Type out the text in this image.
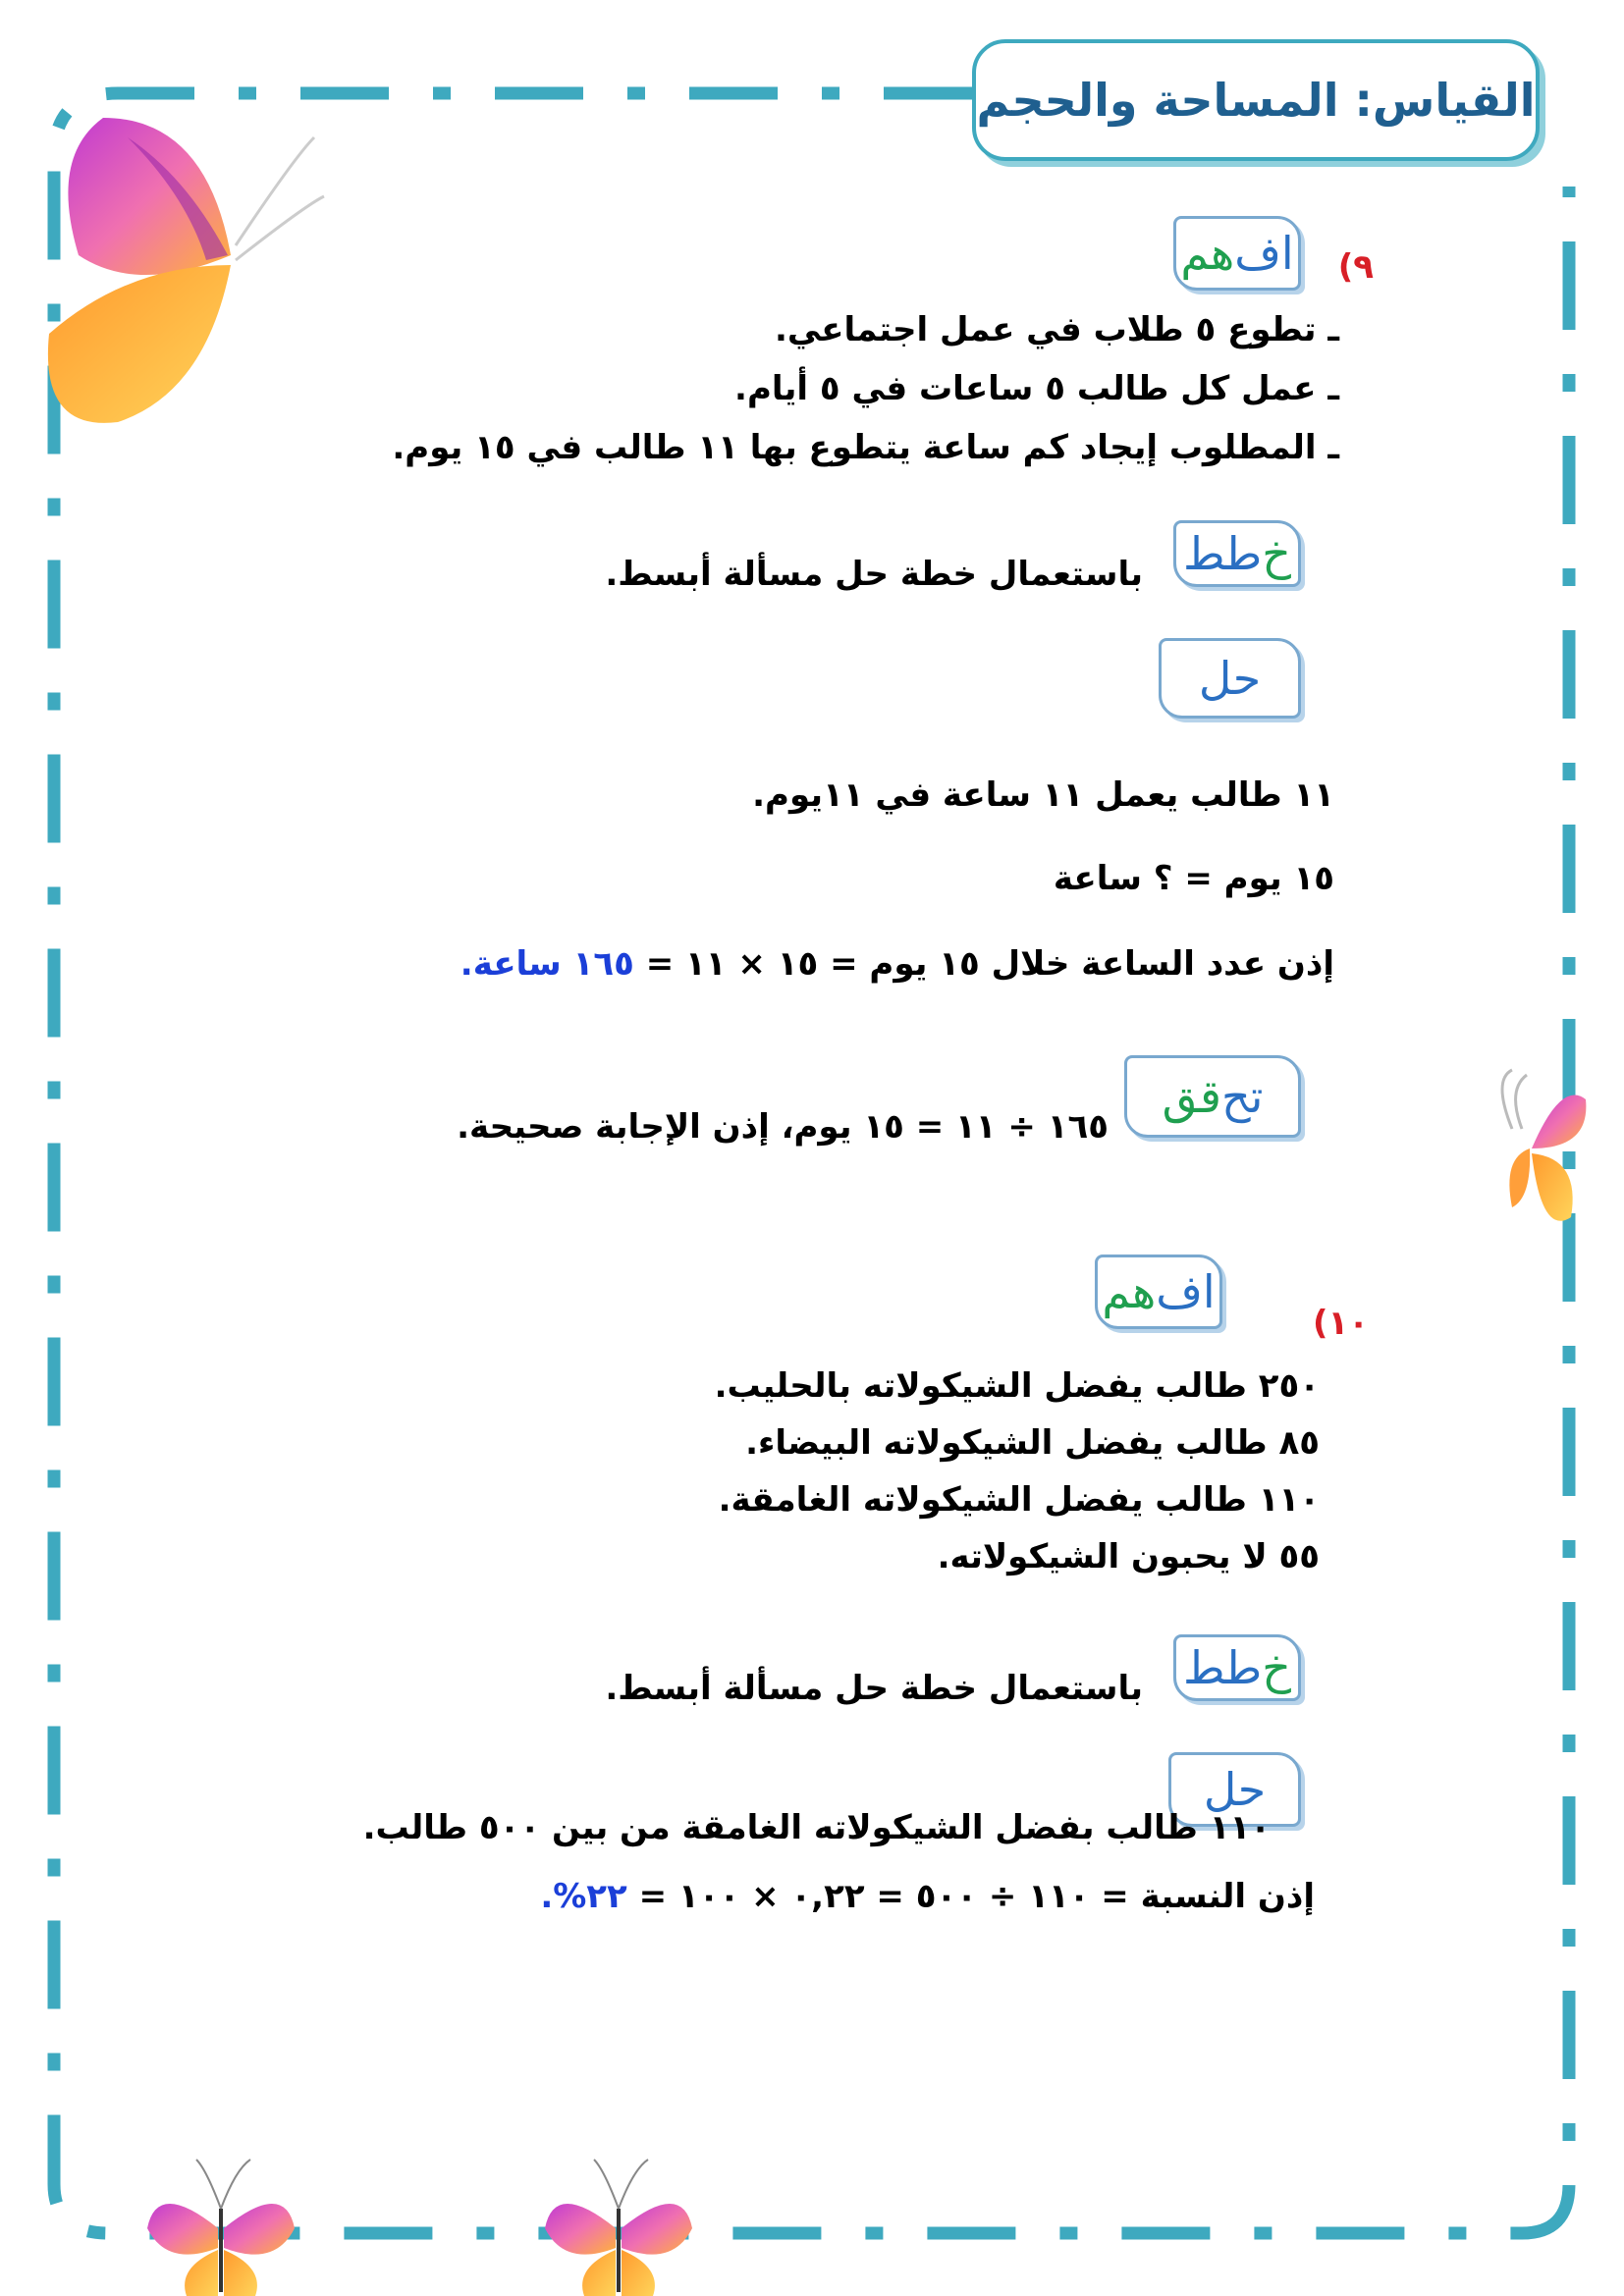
القياس: المساحة والحجم
اف
هم	٩)
ـ تطوع ٥ طلاب في عمل اجتماعي.
ـ عمل كل طالب ٥ ساعات في ٥ أيام.
ـ المطلوب إيجاد كم ساعة يتطوع بها ١١ طالب في ١٥ يوم.
خ
طط
باستعمال خطة حل مسألة أبسط.
حل
١١ طالب يعمل ١١ ساعة في ١١يوم.
١٥ يوم = ؟ ساعة
إذن عدد الساعة خلال ١٥ يوم = ١٥ × ١١ = ١٦٥ ساعة.
تح
قق
١٦٥ ÷ ١١ = ١٥ يوم، إذن الإجابة صحيحة.
اف
هم
١٠)
٢٥٠ طالب يفضل الشيكولاته بالحليب.
٨٥ طالب يفضل الشيكولاته البيضاء.
١١٠ طالب يفضل الشيكولاته الغامقة.
٥٥ لا يحبون الشيكولاته.
خ
طط
باستعمال خطة حل مسألة أبسط.
حل
١١٠ طالب بفضل الشيكولاته الغامقة من بين ٥٠٠ طالب.
إذن النسبة = ١١٠ ÷ ٥٠٠ = ٠,٢٢ × ١٠٠ = ٢٢%.
